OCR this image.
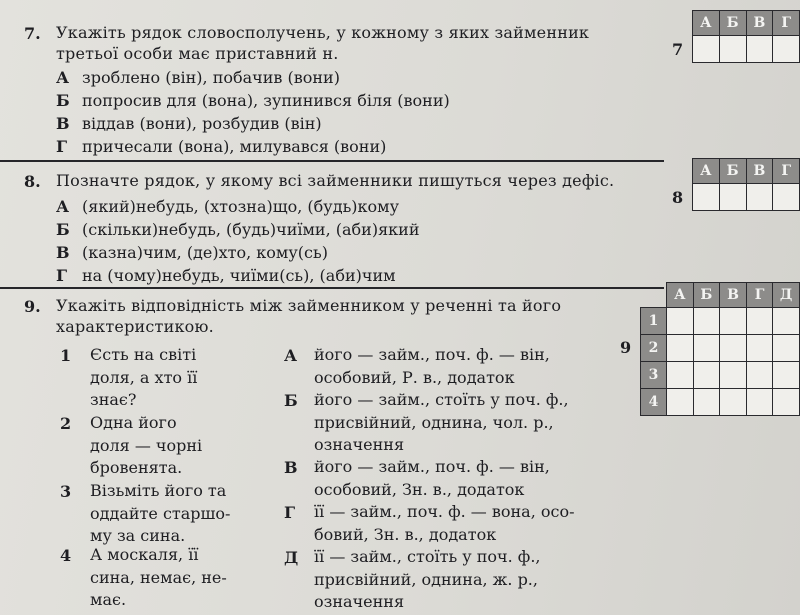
7. Укажіть рядок словосполучень, у кожному з яких займенник третьої особи має приставний н.
А зроблено (він), побачив (вони)
Б попросив для (вона), зупинився біля (вони)
В віддав (вони), розбудив (він)
Г причесали (вона), милувався (вони)
7
А	Б	В	Г

8. Позначте рядок, у якому всі займенники пишуться через дефіс.
А (який)небудь, (хтозна)що, (будь)кому
Б (скільки)небудь, (будь)чиїми, (аби)який
В (казна)чим, (де)хто, кому(сь)
Г на (чому)небудь, чиїми(сь), (аби)чим
8
А	Б	В	Г

9. Укажіть відповідність між займенником у реченні та його характеристикою.
1 Єсть на світі
доля, а хто її
знає?
2 Одна його
доля — чорні
бровенята.
3 Візьміть його та
оддайте старшо-
му за сина.
4 А москаля, її
сина, немає, не-
має.
А його — займ., поч. ф. — він,
особовий, Р. в., додаток
Б його — займ., стоїть у поч. ф.,
присвійний, однина, чол. р.,
означення
В його — займ., поч. ф. — він,
особовий, Зн. в., додаток
Г її — займ., поч. ф. — вона, осо-
бовий, Зн. в., додаток
Д її — займ., стоїть у поч. ф.,
присвійний, однина, ж. р.,
означення
9
	А	Б	В	Г	Д
1					
2					
3					
4					
